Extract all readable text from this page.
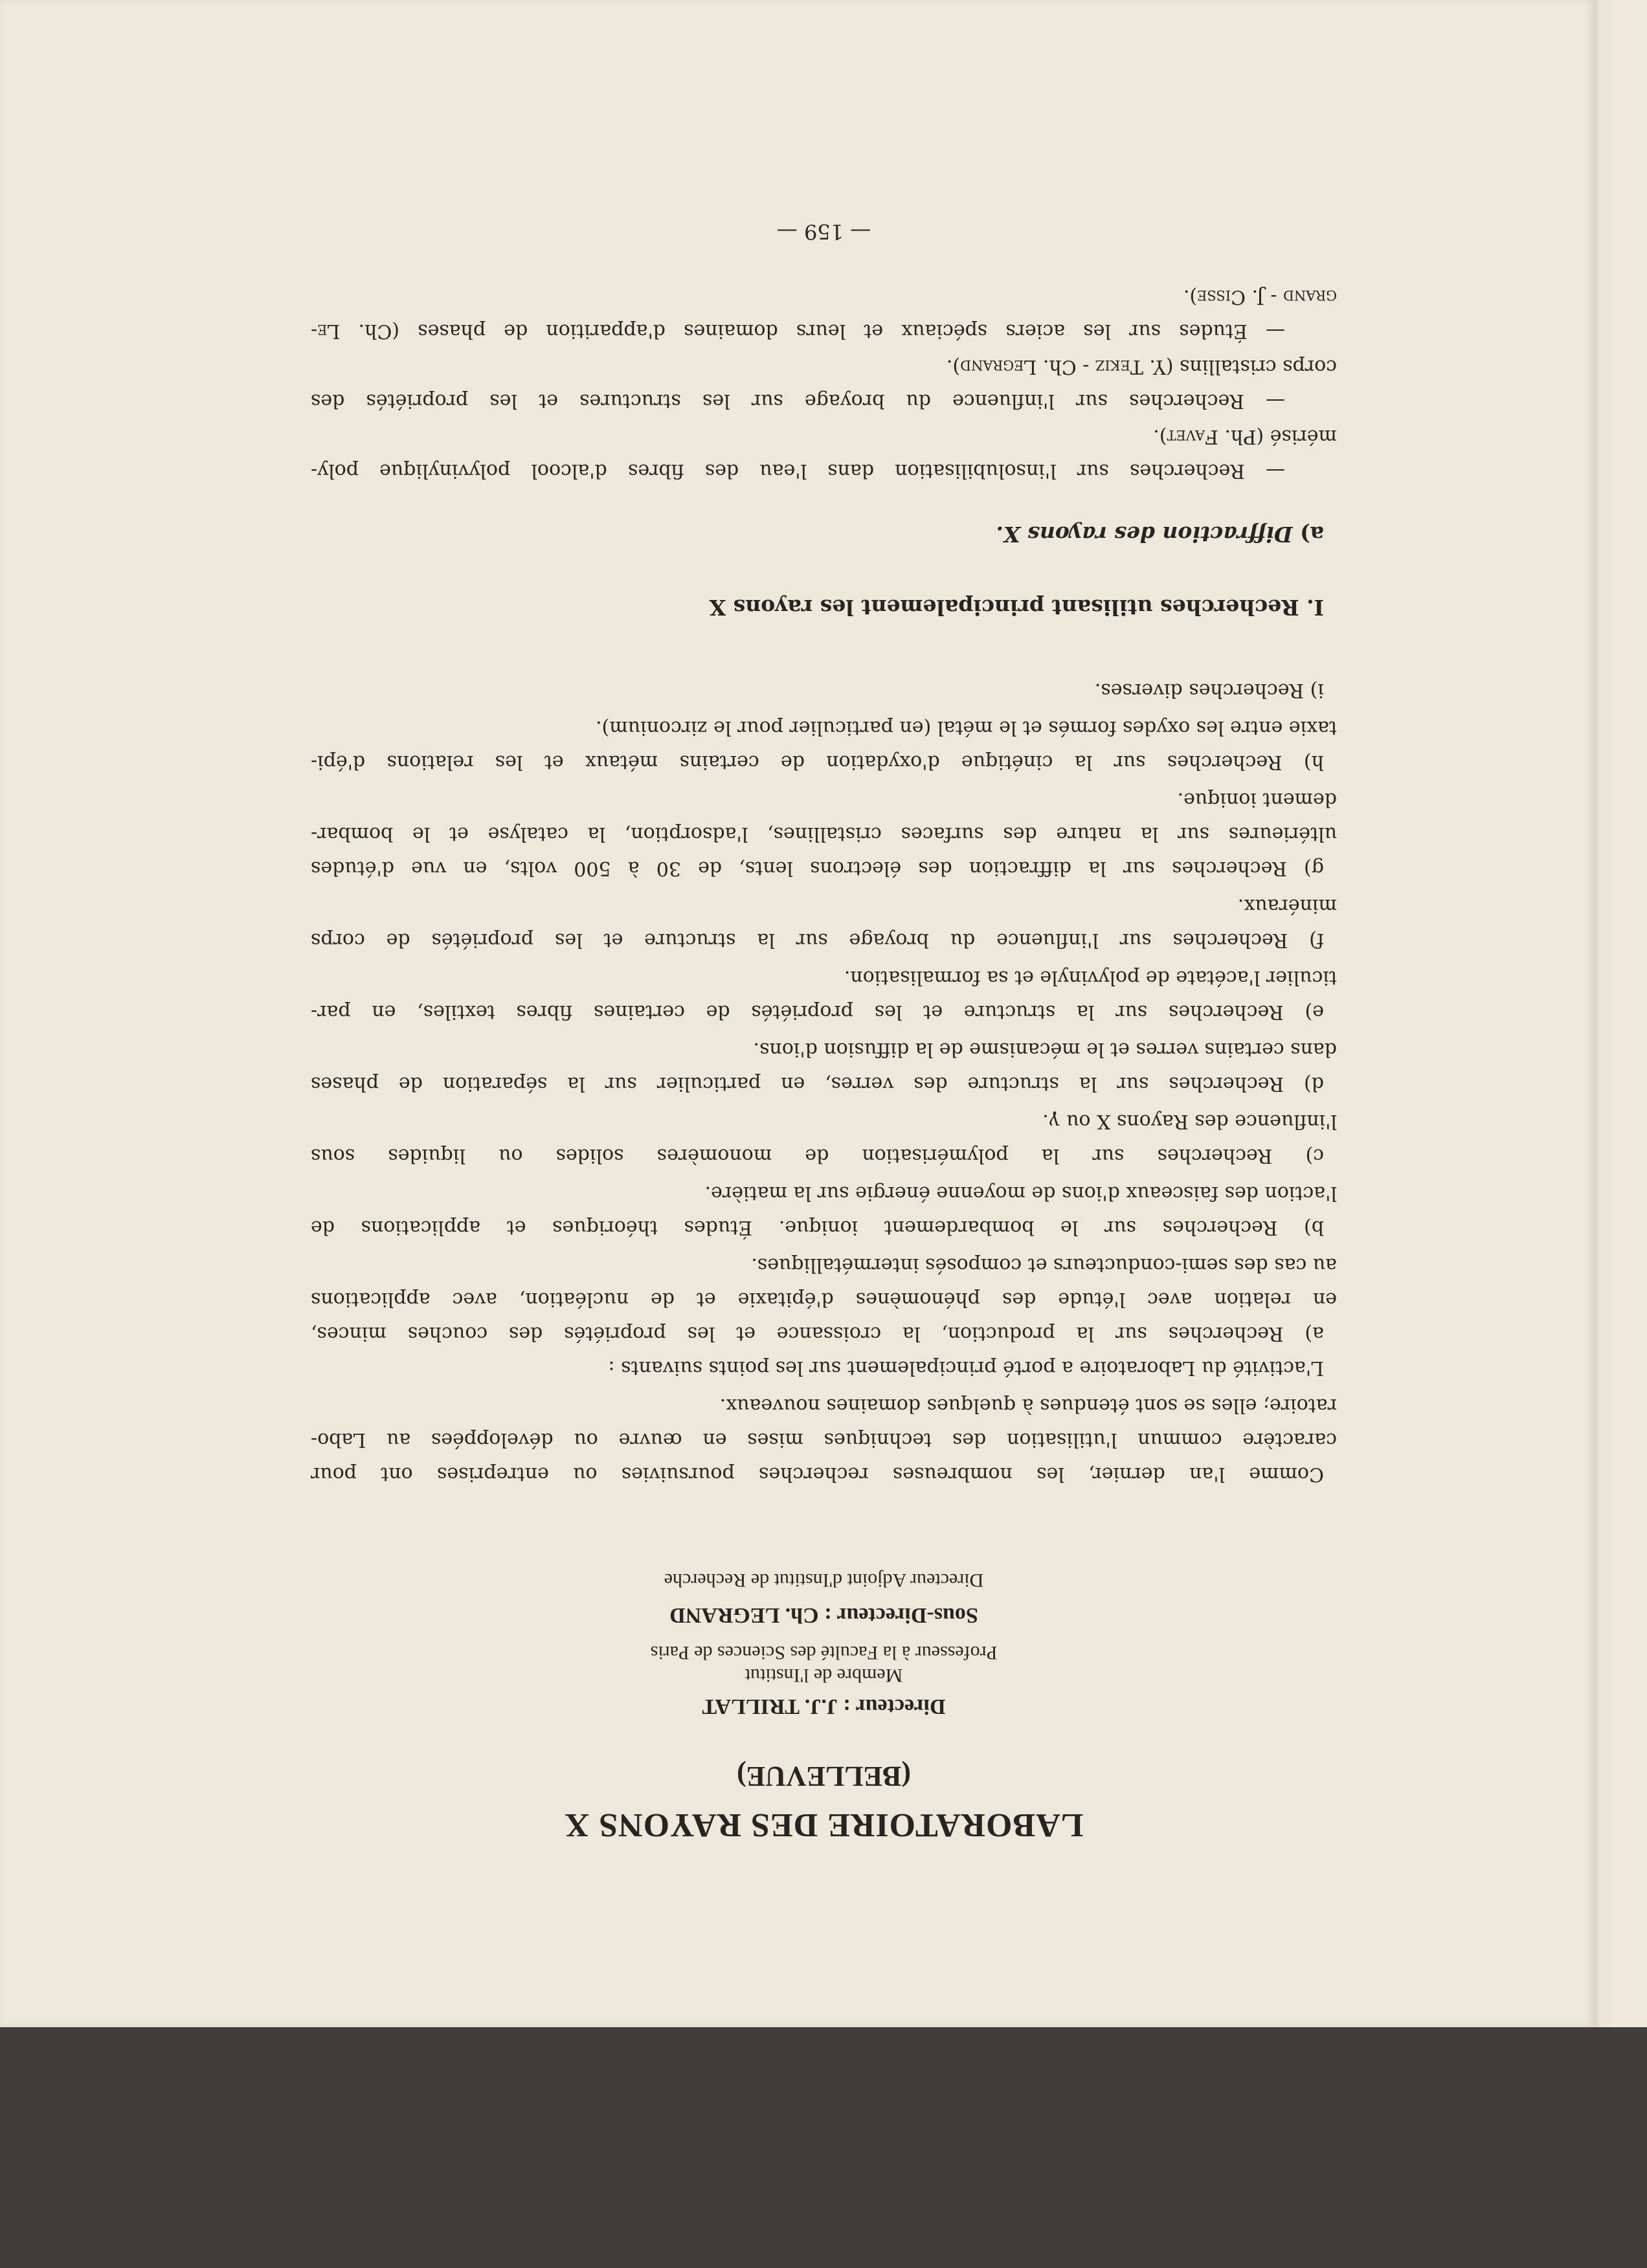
LABORATOIRE DES RAYONS X
(BELLEVUE)
Directeur : J.J. TRILLAT
Membre de l'Institut
Professeur à la Faculté des Sciences de Paris
Sous-Directeur : Ch. LEGRAND
Directeur Adjoint d'Institut de Recherche
Comme l'an dernier, les nombreuses recherches poursuivies ou entreprises ont pour
caractère commun l'utilisation des techniques mises en œuvre ou développées au Labo-
ratoire; elles se sont étendues à quelques domaines nouveaux.
L'activité du Laboratoire a porté principalement sur les points suivants :
a) Recherches sur la production, la croissance et les propriétés des couches minces,
en relation avec l'étude des phénomènes d'épitaxie et de nucléation, avec applications
au cas des semi-conducteurs et composés intermétalliques.
b) Recherches sur le bombardement ionique. Études théoriques et applications de
l'action des faisceaux d'ions de moyenne énergie sur la matière.
c) Recherches sur la polymérisation de monomères solides ou liquides sous
l'influence des Rayons X ou γ.
d) Recherches sur la structure des verres, en particulier sur la séparation de phases
dans certains verres et le mécanisme de la diffusion d'ions.
e) Recherches sur la structure et les propriétés de certaines fibres textiles, en par-
ticulier l'acétate de polyvinyle et sa formalisation.
f) Recherches sur l'influence du broyage sur la structure et les propriétés de corps
minéraux.
g) Recherches sur la diffraction des électrons lents, de 30 à 500 volts, en vue d'études
ultérieures sur la nature des surfaces cristallines, l'adsorption, la catalyse et le bombar-
dement ionique.
h) Recherches sur la cinétique d'oxydation de certains métaux et les relations d'épi-
taxie entre les oxydes formés et le métal (en particulier pour le zirconium).
i) Recherches diverses.
I. Recherches utilisant principalement les rayons X
a) Diffraction des rayons X.
— Recherches sur l'insolubilisation dans l'eau des fibres d'alcool polyvinylique poly-
mérisé (Ph. Favet).
— Recherches sur l'influence du broyage sur les structures et les propriétés des
corps cristallins (Y. Tekiz - Ch. Legrand).
— Études sur les aciers spéciaux et leurs domaines d'apparition de phases (Ch. Le-
grand - J. Cisse).
— 159 —
